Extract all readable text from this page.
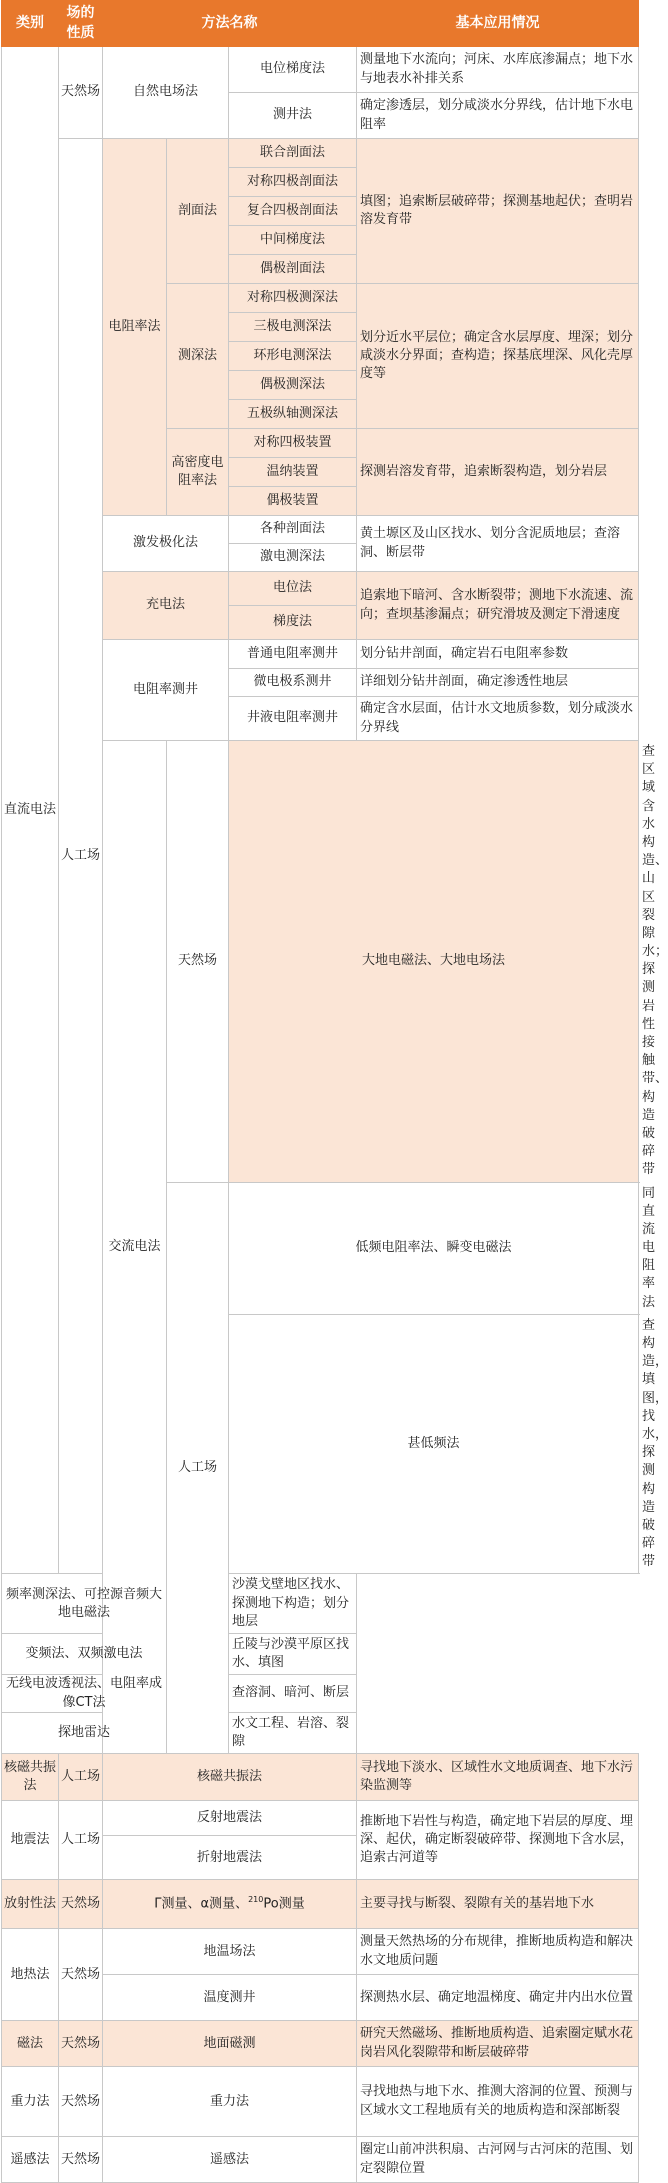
类别	场的性质	方法名称			基本应用情况	
直流电法	天然场	自然电场法		电位梯度法	测量地下水流向；河床、水库底渗漏点；地下水与地表水补排关系	
				测井法	确定渗透层，划分咸淡水分界线，估计地下水电阻率	
	人工场	电阻率法	剖面法	联合剖面法	填图；追索断层破碎带；探测基地起伏；查明岩溶发育带	
				对称四极剖面法		
				复合四极剖面法		
				中间梯度法		
				偶极剖面法		
			测深法	对称四极测深法	划分近水平层位；确定含水层厚度、埋深；划分咸淡水分界面；查构造；探基底埋深、风化壳厚度等	
				三极电测深法		
				环形电测深法		
				偶极测深法		
				五极纵轴测深法		
			高密度电阻率法	对称四极装置	探测岩溶发育带，追索断裂构造，划分岩层	
				温纳装置		
				偶极装置		
		激发极化法		各种剖面法	黄土塬区及山区找水、划分含泥质地层；查溶洞、断层带	
				激电测深法		
		充电法		电位法	追索地下暗河、含水断裂带；测地下水流速、流向；查坝基渗漏点；研究滑坡及测定下滑速度	
				梯度法		
		电阻率测井		普通电阻率测井	划分钻井剖面，确定岩石电阻率参数	
				微电极系测井	详细划分钻井剖面，确定渗透性地层	
				井液电阻率测井	确定含水层面，估计水文地质参数，划分咸淡水分界线	
		交流电法	天然场	大地电磁法、大地电场法		查区域含水构造、山区裂隙水；探测岩性接触带、构造破碎带
			人工场	低频电阻率法、瞬变电磁法		同直流电阻率法
				甚低频法		查构造，填图，找水，探测构造破碎带
频率测深法、可控源音频大地电磁法				沙漠戈壁地区找水、探测地下构造；划分地层		
变频法、双频激电法				丘陵与沙漠平原区找水、填图		
无线电波透视法、电阻率成像CT法				查溶洞、暗河、断层		
探地雷达				水文工程、岩溶、裂隙		
核磁共振法	人工场	核磁共振法			寻找地下淡水、区域性水文地质调查、地下水污染监测等	
地震法	人工场	反射地震法			推断地下岩性与构造，确定地下岩层的厚度、埋深、起伏，确定断裂破碎带、探测地下含水层，追索古河道等	
		折射地震法				
放射性法	天然场	Γ测量、α测量、$^{210}$Po测量			主要寻找与断裂、裂隙有关的基岩地下水	
地热法	天然场	地温场法			测量天然热场的分布规律，推断地质构造和解决水文地质问题	
		温度测井			探测热水层、确定地温梯度、确定井内出水位置	
磁法	天然场	地面磁测			研究天然磁场、推断地质构造、追索圈定赋水花岗岩风化裂隙带和断层破碎带	
重力法	天然场	重力法			寻找地热与地下水、推测大溶洞的位置、预测与区域水文工程地质有关的地质构造和深部断裂	
遥感法	天然场	遥感法			圈定山前冲洪积扇、古河网与古河床的范围、划定裂隙位置	
